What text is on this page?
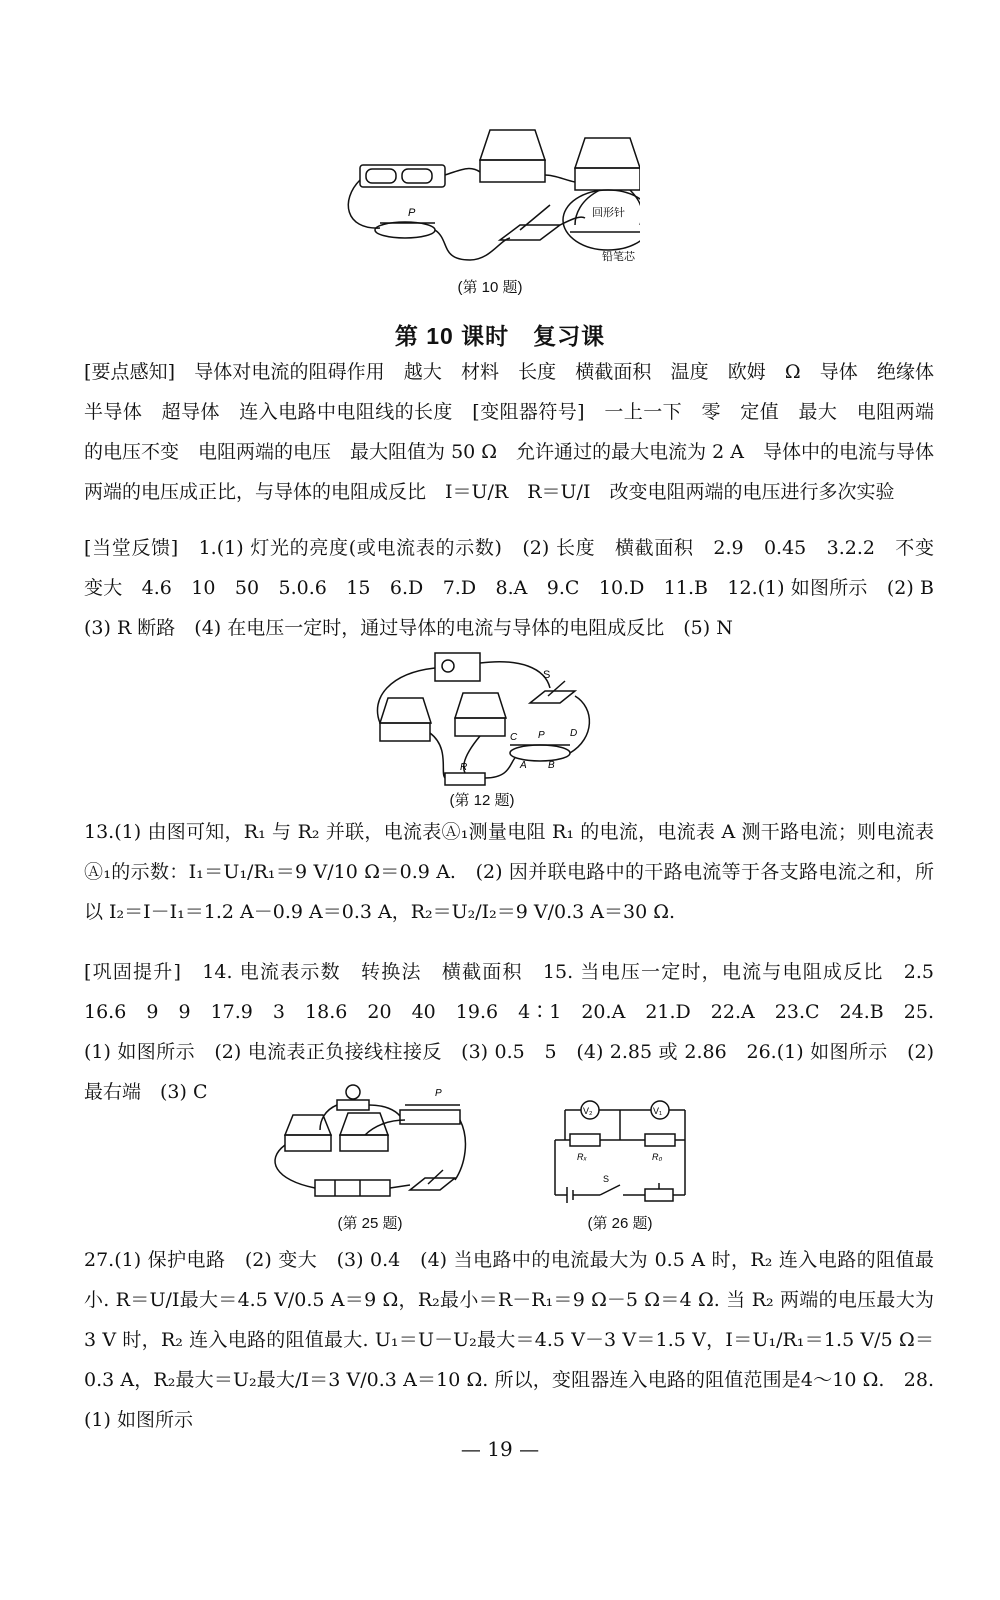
P	回形针
铅笔芯
(第 10 题)
第 10 课时　复习课
[要点感知]　导体对电流的阻碍作用　越大　材料　长度　横截面积　温度　欧姆　Ω　导体　绝缘体　半导体　超导体　连入电路中电阻线的长度　[变阻器符号]　一上一下　零　定值　最大　电阻两端的电压不变　电阻两端的电压　最大阻值为 50 Ω　允许通过的最大电流为 2 A　导体中的电流与导体两端的电压成正比，与导体的电阻成反比　I＝U/R　R＝U/I　改变电阻两端的电压进行多次实验
[当堂反馈]　1.(1) 灯光的亮度(或电流表的示数)　(2) 长度　横截面积　2.9　0.45　3.2.2　不变　变大　4.6　10　50　5.0.6　15　6.D　7.D　8.A　9.C　10.D　11.B　12.(1) 如图所示　(2) B　(3) R 断路　(4) 在电压一定时，通过导体的电流与导体的电阻成反比　(5) N
S
C P	D
A B
R
(第 12 题)
13.(1) 由图可知，R₁ 与 R₂ 并联，电流表Ⓐ₁测量电阻 R₁ 的电流，电流表 A 测干路电流；则电流表Ⓐ₁的示数：I₁＝U₁/R₁＝9 V/10 Ω＝0.9 A.　(2) 因并联电路中的干路电流等于各支路电流之和，所以 I₂＝I－I₁＝1.2 A－0.9 A＝0.3 A，R₂＝U₂/I₂＝9 V/0.3 A＝30 Ω.
[巩固提升]　14. 电流表示数　转换法　横截面积　15. 当电压一定时，电流与电阻成反比　2.5　16.6　9　9　17.9　3　18.6　20　40　19.6　4∶1　20.A　21.D　22.A　23.C　24.B　25.(1) 如图所示　(2) 电流表正负接线柱接反　(3) 0.5　5　(4) 2.85 或 2.86　26.(1) 如图所示　(2) 最右端　(3) C	P
(第 25 题)
V₂	V₁
Rₓ	R₀
S
(第 26 题)
27.(1) 保护电路　(2) 变大　(3) 0.4　(4) 当电路中的电流最大为 0.5 A 时，R₂ 连入电路的阻值最小. R＝U/I最大＝4.5 V/0.5 A＝9 Ω，R₂最小＝R－R₁＝9 Ω－5 Ω＝4 Ω. 当 R₂ 两端的电压最大为 3 V 时，R₂ 连入电路的阻值最大. U₁＝U－U₂最大＝4.5 V－3 V＝1.5 V，I＝U₁/R₁＝1.5 V/5 Ω＝0.3 A，R₂最大＝U₂最大/I＝3 V/0.3 A＝10 Ω. 所以，变阻器连入电路的阻值范围是4～10 Ω.　28.(1) 如图所示
— 19 —
